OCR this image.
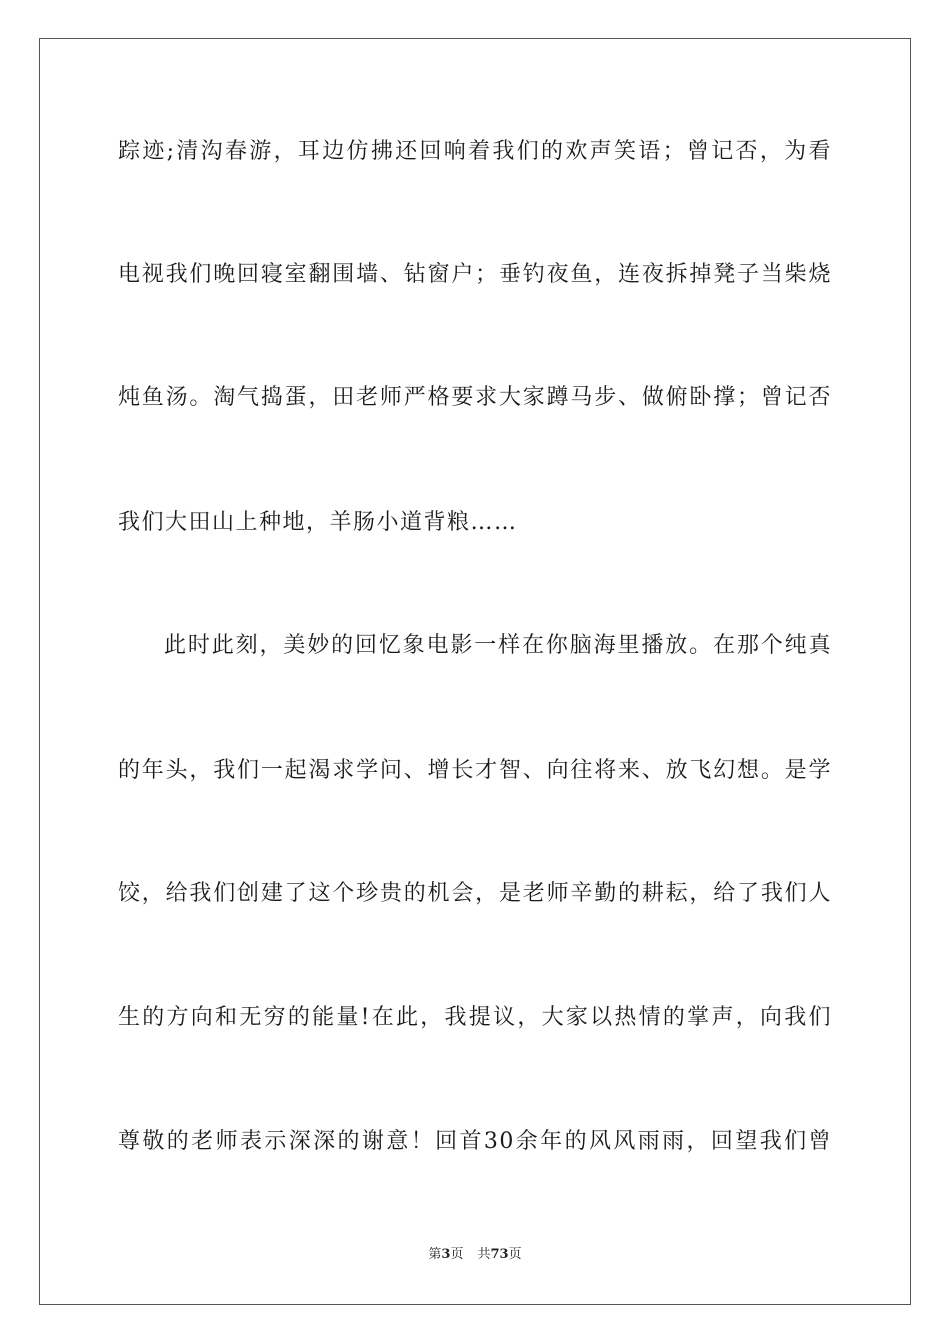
踪迹;清沟春游，耳边仿拂还回响着我们的欢声笑语；曾记否，为看
电视我们晚回寝室翻围墙、钻窗户；垂钓夜鱼，连夜拆掉凳子当柴烧
炖鱼汤。淘气捣蛋，田老师严格要求大家蹲马步、做俯卧撑；曾记否
我们大田山上种地，羊肠小道背粮……
此时此刻，美妙的回忆象电影一样在你脑海里播放。在那个纯真
的年头，我们一起渴求学问、增长才智、向往将来、放飞幻想。是学
饺，给我们创建了这个珍贵的机会，是老师辛勤的耕耘，给了我们人
生的方向和无穷的能量!在此，我提议，大家以热情的掌声，向我们
尊敬的老师表示深深的谢意！回首30余年的风风雨雨，回望我们曾
第3页 共73页
